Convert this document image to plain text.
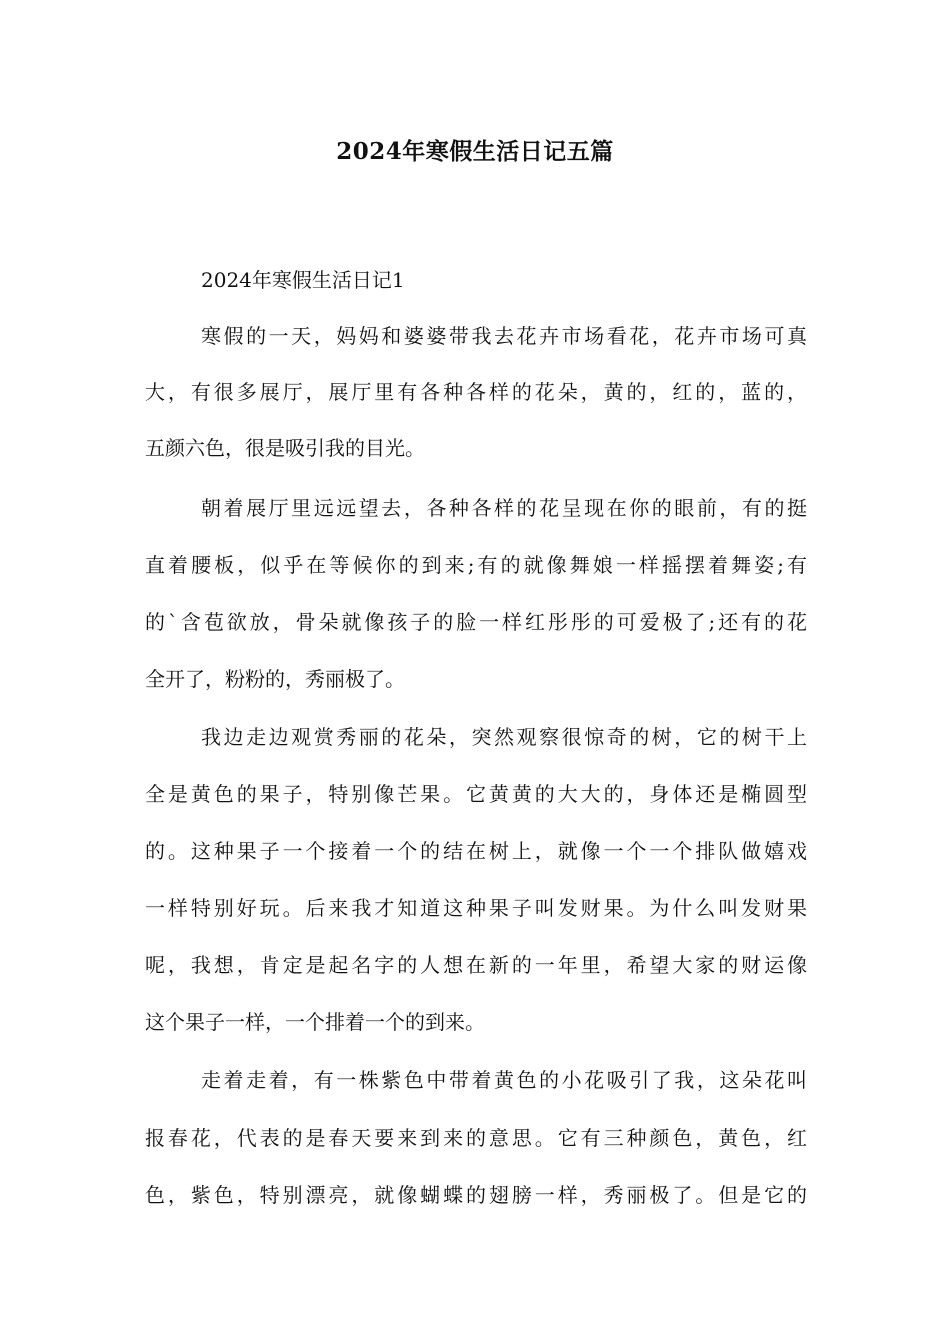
2024年寒假生活日记五篇
2024年寒假生活日记1
寒假的一天，妈妈和婆婆带我去花卉市场看花，花卉市场可真
大，有很多展厅，展厅里有各种各样的花朵，黄的，红的，蓝的，
五颜六色，很是吸引我的目光。
朝着展厅里远远望去，各种各样的花呈现在你的眼前，有的挺
直着腰板，似乎在等候你的到来;有的就像舞娘一样摇摆着舞姿;有
的`含苞欲放，骨朵就像孩子的脸一样红彤彤的可爱极了;还有的花
全开了，粉粉的，秀丽极了。
我边走边观赏秀丽的花朵，突然观察很惊奇的树，它的树干上
全是黄色的果子，特别像芒果。它黄黄的大大的，身体还是椭圆型
的。这种果子一个接着一个的结在树上，就像一个一个排队做嬉戏
一样特别好玩。后来我才知道这种果子叫发财果。为什么叫发财果
呢，我想，肯定是起名字的人想在新的一年里，希望大家的财运像
这个果子一样，一个排着一个的到来。
走着走着，有一株紫色中带着黄色的小花吸引了我，这朵花叫
报春花，代表的是春天要来到来的意思。它有三种颜色，黄色，红
色，紫色，特别漂亮，就像蝴蝶的翅膀一样，秀丽极了。但是它的
